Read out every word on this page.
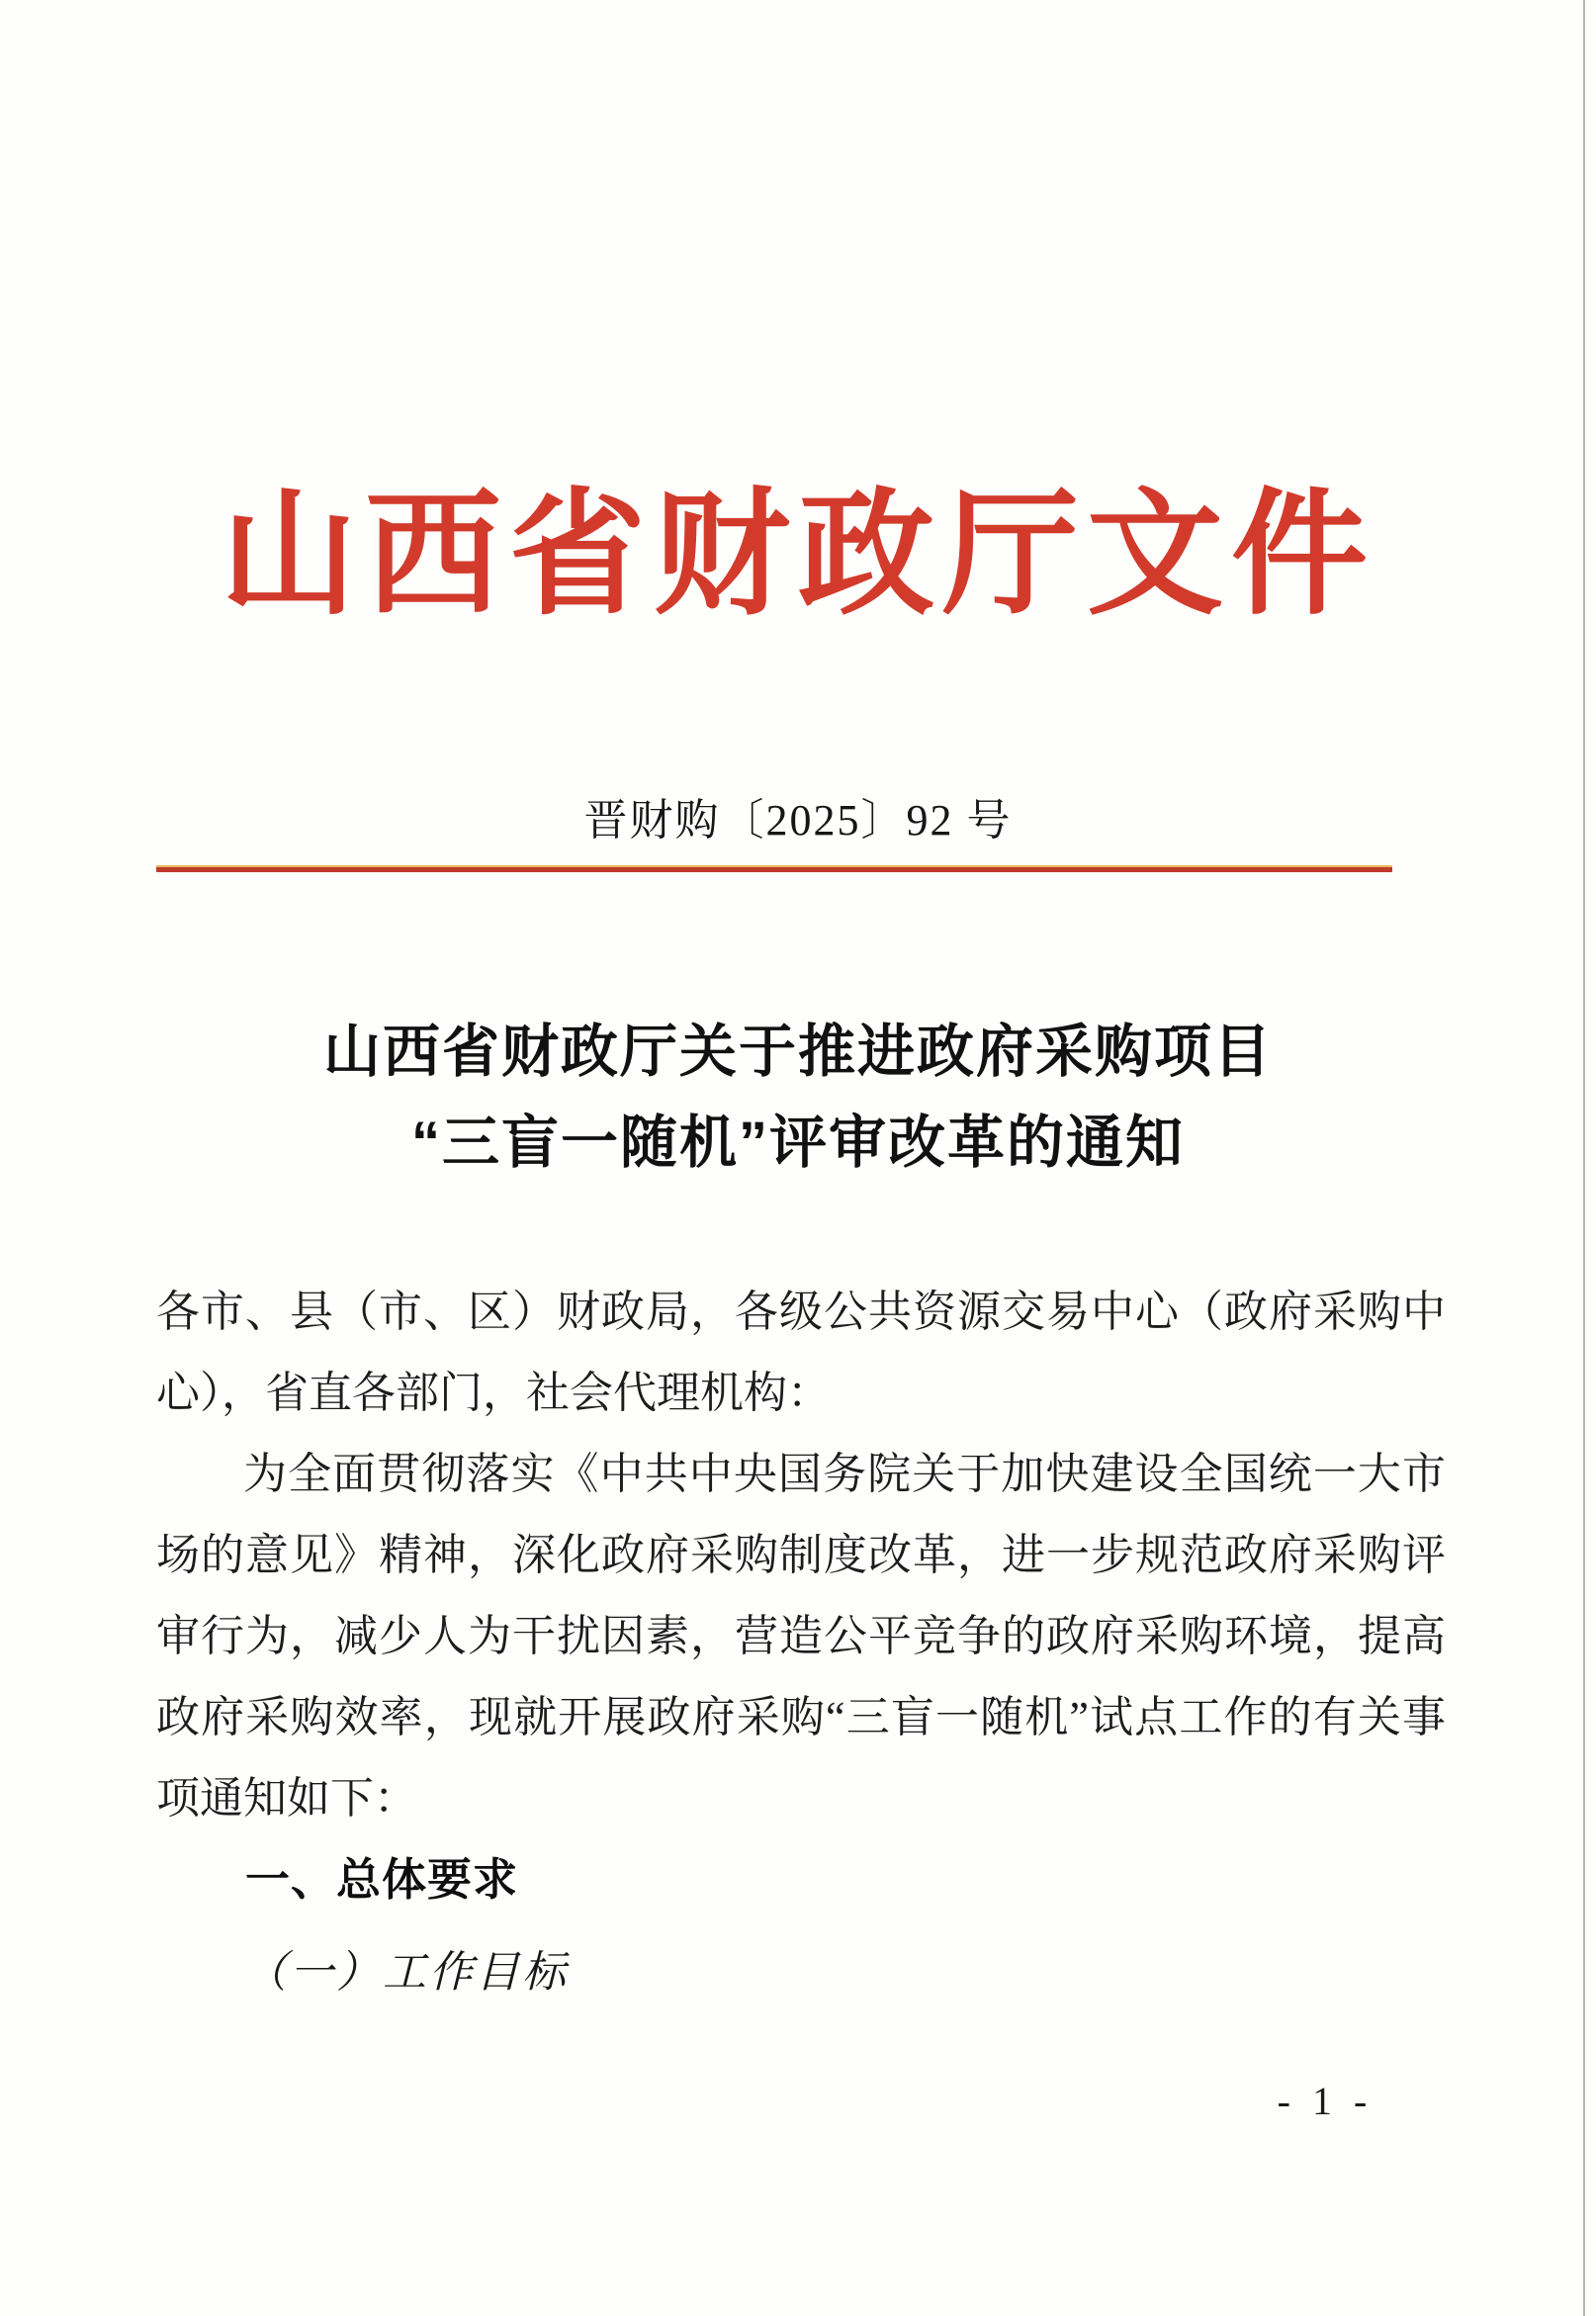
山西省财政厅文件

晋财购〔2025〕92 号

山西省财政厅关于推进政府采购项目
“三盲一随机”评审改革的通知

各市、县（市、区）财政局，各级公共资源交易中心（政府采购中心），省直各部门，社会代理机构：

为全面贯彻落实《中共中央国务院关于加快建设全国统一大市场的意见》精神，深化政府采购制度改革，进一步规范政府采购评审行为，减少人为干扰因素，营造公平竞争的政府采购环境，提高政府采购效率，现就开展政府采购“三盲一随机”试点工作的有关事项通知如下：

一、总体要求
（一）工作目标

- 1 -
